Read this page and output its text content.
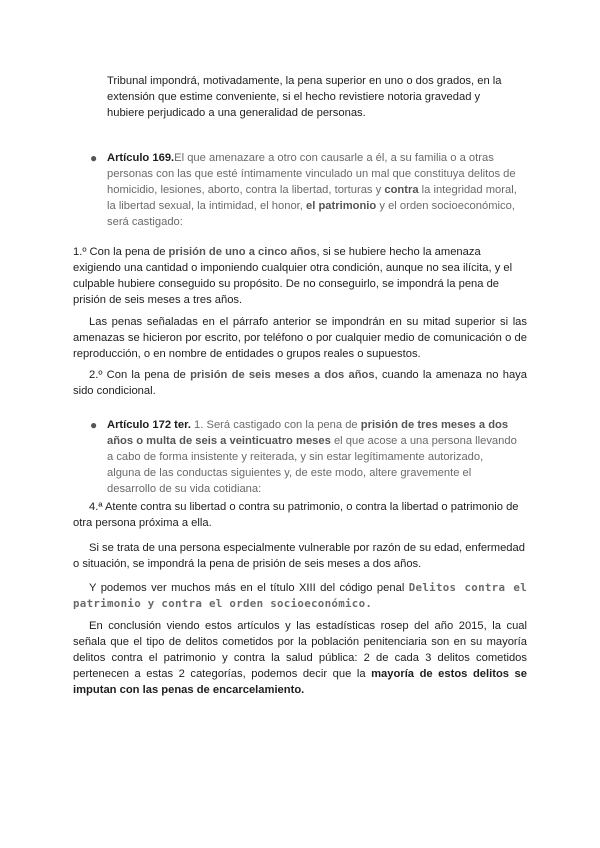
Tribunal impondrá, motivadamente, la pena superior en uno o dos grados, en la extensión que estime conveniente, si el hecho revistiere notoria gravedad y hubiere perjudicado a una generalidad de personas.

● Artículo 169.El que amenazare a otro con causarle a él, a su familia o a otras personas con las que esté íntimamente vinculado un mal que constituya delitos de homicidio, lesiones, aborto, contra la libertad, torturas y contra la integridad moral, la libertad sexual, la intimidad, el honor, el patrimonio y el orden socioeconómico, será castigado:

1.º Con la pena de prisión de uno a cinco años, si se hubiere hecho la amenaza exigiendo una cantidad o imponiendo cualquier otra condición, aunque no sea ilícita, y el culpable hubiere conseguido su propósito. De no conseguirlo, se impondrá la pena de prisión de seis meses a tres años.

Las penas señaladas en el párrafo anterior se impondrán en su mitad superior si las amenazas se hicieron por escrito, por teléfono o por cualquier medio de comunicación o de reproducción, o en nombre de entidades o grupos reales o supuestos.

2.º Con la pena de prisión de seis meses a dos años, cuando la amenaza no haya sido condicional.

● Artículo 172 ter. 1. Será castigado con la pena de prisión de tres meses a dos años o multa de seis a veinticuatro meses el que acose a una persona llevando a cabo de forma insistente y reiterada, y sin estar legítimamente autorizado, alguna de las conductas siguientes y, de este modo, altere gravemente el desarrollo de su vida cotidiana:

4.ª Atente contra su libertad o contra su patrimonio, o contra la libertad o patrimonio de otra persona próxima a ella.

Si se trata de una persona especialmente vulnerable por razón de su edad, enfermedad o situación, se impondrá la pena de prisión de seis meses a dos años.

Y podemos ver muchos más en el título XIII del código penal Delitos contra el patrimonio y contra el orden socioeconómico.

En conclusión viendo estos artículos y las estadísticas rosep del año 2015, la cual señala que el tipo de delitos cometidos por la población penitenciaria son en su mayoría delitos contra el patrimonio y contra la salud pública: 2 de cada 3 delitos cometidos pertenecen a estas 2 categorías, podemos decir que la mayoría de estos delitos se imputan con las penas de encarcelamiento.
